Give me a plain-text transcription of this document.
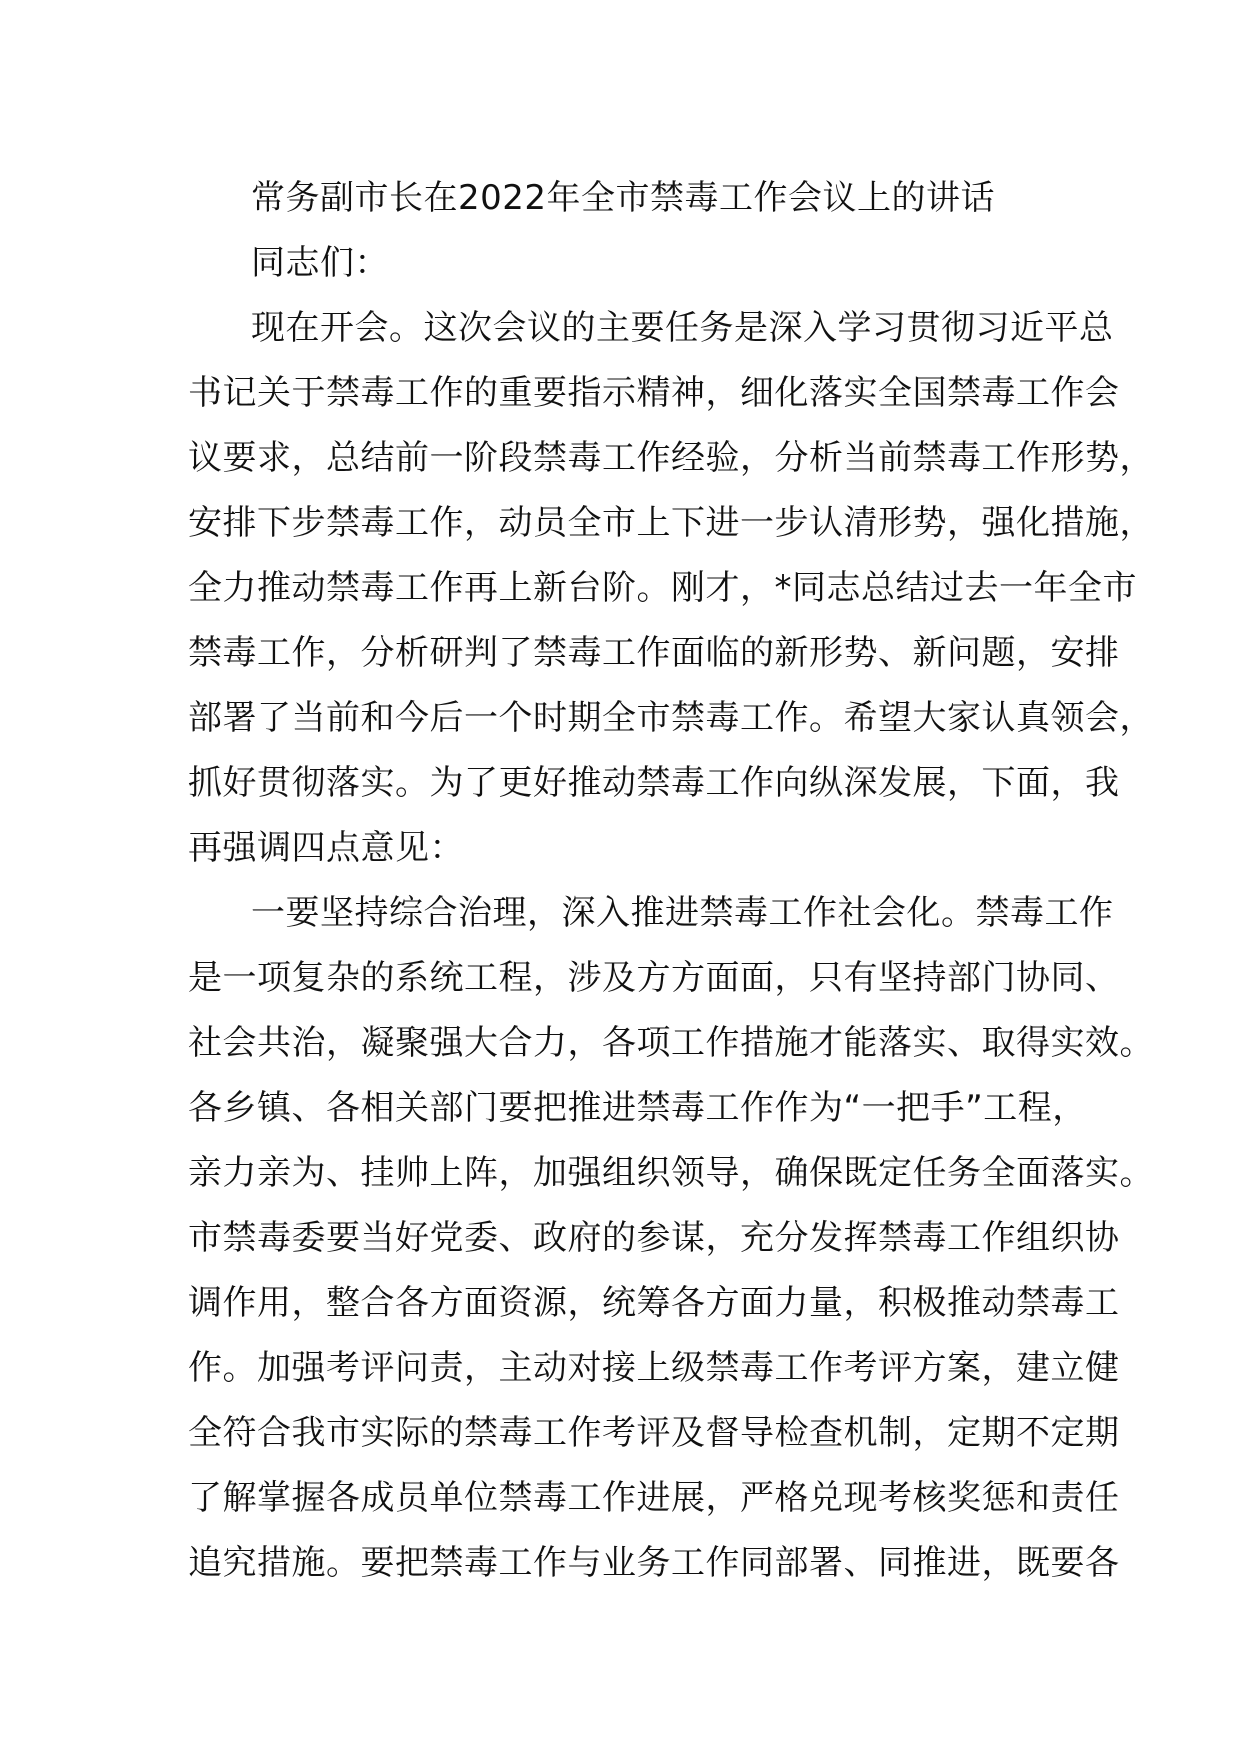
常务副市长在2022年全市禁毒工作会议上的讲话
同志们：
现在开会。这次会议的主要任务是深入学习贯彻习近平总
书记关于禁毒工作的重要指示精神，细化落实全国禁毒工作会
议要求，总结前一阶段禁毒工作经验，分析当前禁毒工作形势，
安排下步禁毒工作，动员全市上下进一步认清形势，强化措施，
全力推动禁毒工作再上新台阶。刚才，*同志总结过去一年全市
禁毒工作，分析研判了禁毒工作面临的新形势、新问题，安排
部署了当前和今后一个时期全市禁毒工作。希望大家认真领会，
抓好贯彻落实。为了更好推动禁毒工作向纵深发展，下面，我
再强调四点意见：
一要坚持综合治理，深入推进禁毒工作社会化。禁毒工作
是一项复杂的系统工程，涉及方方面面，只有坚持部门协同、
社会共治，凝聚强大合力，各项工作措施才能落实、取得实效。
各乡镇、各相关部门要把推进禁毒工作作为“一把手”工程，
亲力亲为、挂帅上阵，加强组织领导，确保既定任务全面落实。
市禁毒委要当好党委、政府的参谋，充分发挥禁毒工作组织协
调作用，整合各方面资源，统筹各方面力量，积极推动禁毒工
作。加强考评问责，主动对接上级禁毒工作考评方案，建立健
全符合我市实际的禁毒工作考评及督导检查机制，定期不定期
了解掌握各成员单位禁毒工作进展，严格兑现考核奖惩和责任
追究措施。要把禁毒工作与业务工作同部署、同推进，既要各
